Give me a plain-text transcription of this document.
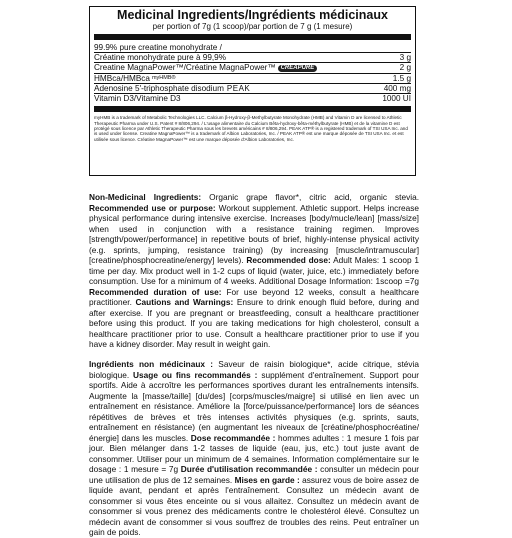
Medicinal Ingredients/Ingrédients médicinaux
per portion of 7g (1 scoop)/par portion de 7 g (1 mesure)
99.9% pure creatine monohydrate /
Créatine monohydrate pure à 99,9%	3 g
Creatine MagnaPower™/Créatine MagnaPower™ CREAPURE	2 g
HMBca/HMBca myHMB®	1.5 g
Adenosine 5'-triphosphate disodium PEAK	400 mg
Vitamin D3/Vitamine D3	1000 UI
myHMB is a trademark of Metabolic Technologies LLC. Calcium β-Hydroxy-β-Methylbutyrate Monohydrate (HMB) and Vitamin D are licensed to Athletic Therapeutic Pharma under U.S. Patent # 8/806,294. / L'usage alimentaire du Calcium Bêta-hydroxy-bêta-méthylbutyrate (HMB) et de la vitamine D est protégé sous licence par Athletic Therapeutic Pharma sous les brevets américains # 8/806,294. PEAK ATP® is a registered trademark of TSI USA Inc. and is used under license. Creatine MagnaPower™ is a trademark of Albion Laboratories, Inc. / PEAK ATP® est une marque déposée de TSI USA Inc. et est utilisée sous licence. Créatine MagnaPower™ est une marque déposée d'Albion Laboratories, Inc.
Non-Medicinal Ingredients: Organic grape flavor*, citric acid, organic stevia. Recommended use or purpose: Workout supplement. Athletic support. Helps increase physical performance during intensive exercise. Increases [body/mucle/lean] [mass/size] when used in conjunction with a resistance training regimen. Improves [strength/power/performance] in repetitive bouts of brief, highly-intense physical activity (e.g. sprints, jumping, resistance training) (by increasing [muscle/intramuscular] [creatine/phosphocreatine/energy] levels). Recommended dose: Adult Males: 1 scoop 1 time per day. Mix product well in 1-2 cups of liquid (water, juice, etc.) immediately before consumption. Use for a minimum of 4 weeks. Additional Dosage Information: 1scoop =7g Recommended duration of use: For use beyond 12 weeks, consult a healthcare practitioner. Cautions and Warnings: Ensure to drink enough fluid before, during and after exercise. If you are pregnant or breastfeeding, consult a healthcare practitioner before using this product. If you are taking medications for high cholesterol, consult a healthcare practitioner prior to use. Consult a healthcare practitioner prior to use if you have a kidney disorder. May result in weight gain.
Ingrédients non médicinaux : Saveur de raisin biologique*, acide citrique, stévia biologique. Usage ou fins recommandés : supplément d'entraînement. Support pour sportifs. Aide à accroître les performances sportives durant les entraînements intensifs. Augmente la [masse/taille] [du/des] [corps/muscles/maigre] si utilisé en lien avec un entraînement en résistance. Améliore la [force/puissance/performance] lors de séances répétitives de brèves et très intenses activités physiques (e.g. sprints, sauts, entraînement en résistance) (en augmentant les niveaux de [créatine/phosphocréatine/énergie] dans les muscles. Dose recommandée : hommes adultes : 1 mesure 1 fois par jour. Bien mélanger dans 1-2 tasses de liquide (eau, jus, etc.) tout juste avant de consommer. Utiliser pour un minimum de 4 semaines. Information complémentaire sur le dosage : 1 mesure = 7g Durée d'utilisation recommandée : consulter un médecin pour une utilisation de plus de 12 semaines. Mises en garde : assurez vous de boire assez de liquide avant, pendant et après l'entraînement. Consultez un médecin avant de consommer si vous êtes enceinte ou si vous allaitez. Consultez un médecin avant de consommer si vous prenez des médicaments contre le cholestérol élevé. Consultez un médecin avant de consommer si vous souffrez de troubles des reins. Peut entraîner un gain de poids.
